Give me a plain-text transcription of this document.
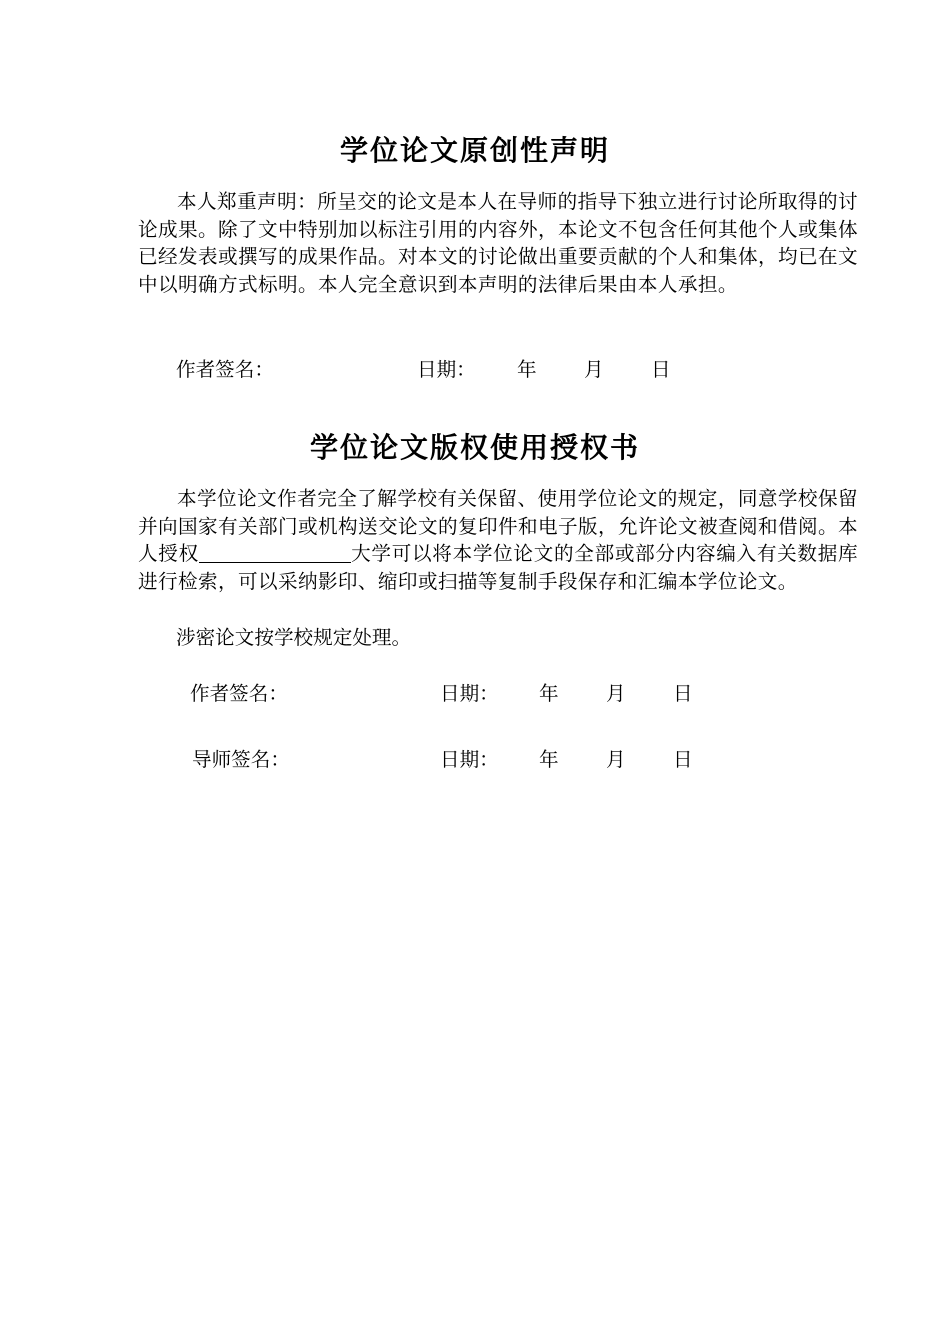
学位论文原创性声明

本人郑重声明：所呈交的论文是本人在导师的指导下独立进行讨论所取得的讨论成果。除了文中特别加以标注引用的内容外，本论文不包含任何其他个人或集体已经发表或撰写的成果作品。对本文的讨论做出重要贡献的个人和集体，均已在文中以明确方式标明。本人完全意识到本声明的法律后果由本人承担。

作者签名：	日期： 年 月 日
学位论文版权使用授权书

本学位论文作者完全了解学校有关保留、使用学位论文的规定，同意学校保留并向国家有关部门或机构送交论文的复印件和电子版，允许论文被查阅和借阅。本人授权	大学可以将本学位论文的全部或部分内容编入有关数据库进行检索，可以采纳影印、缩印或扫描等复制手段保存和汇编本学位论文。

涉密论文按学校规定处理。
作者签名：	日期： 年 月 日
导师签名：	日期： 年 月 日
